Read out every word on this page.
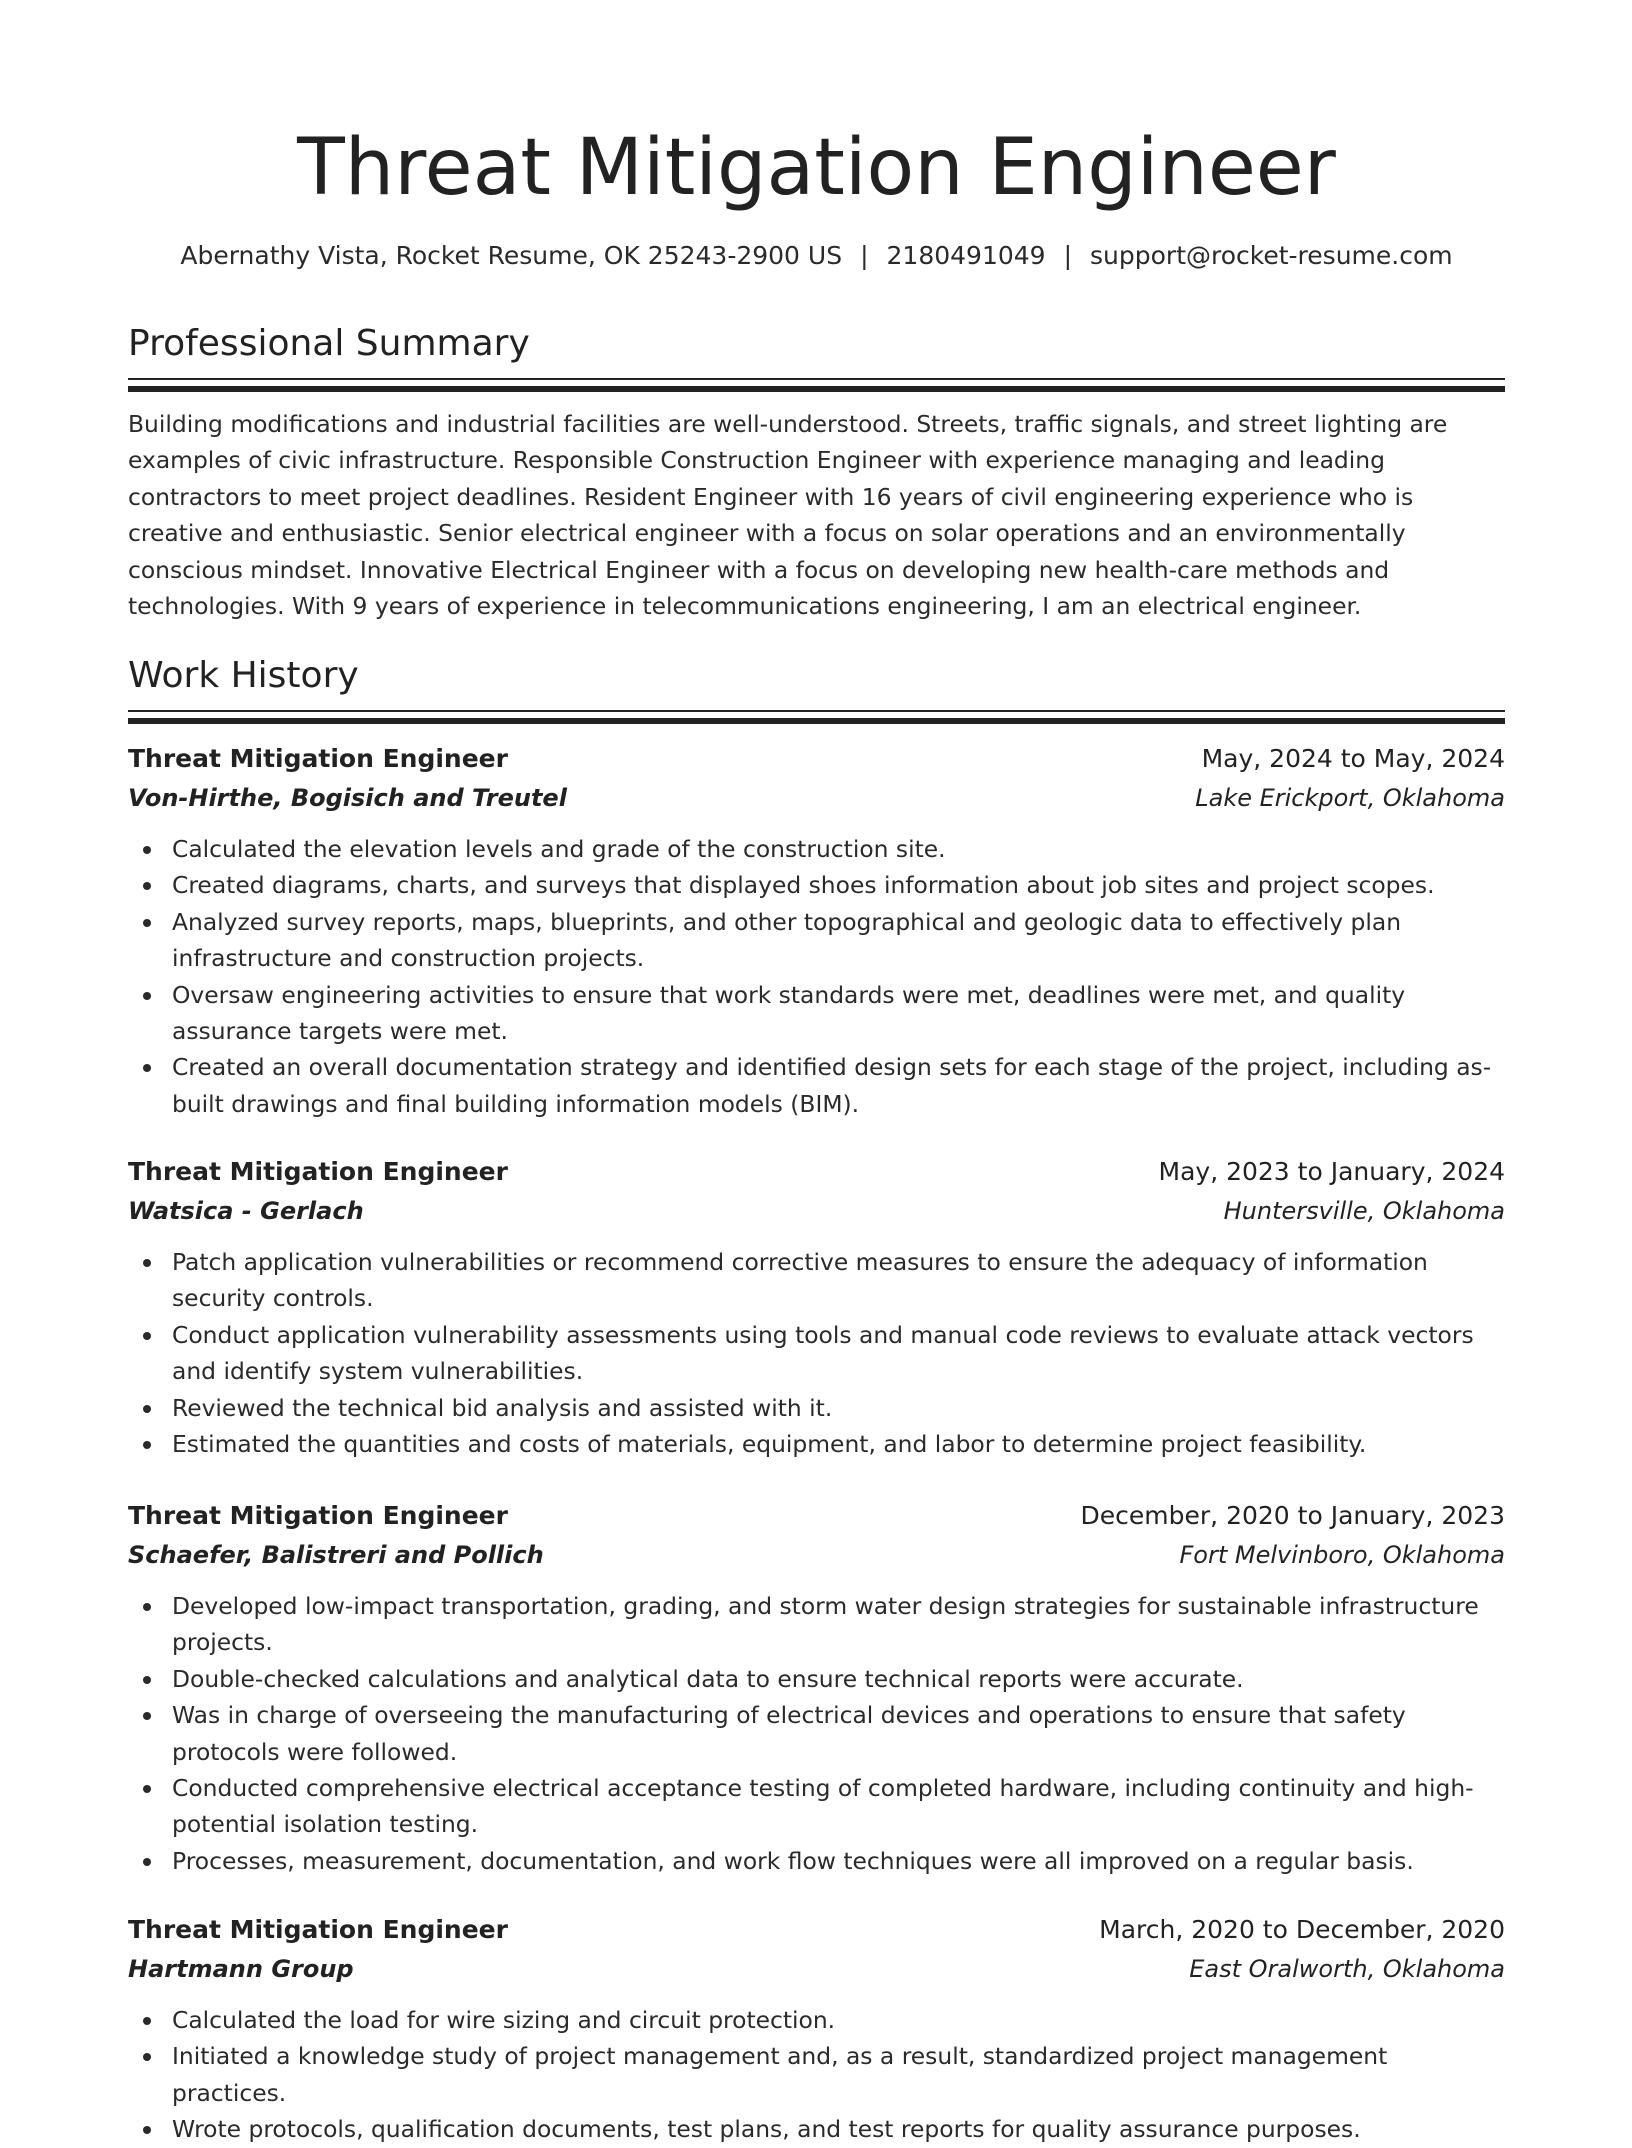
Threat Mitigation Engineer
Abernathy Vista, Rocket Resume, OK 25243-2900 US | 2180491049 | support@rocket-resume.com
Professional Summary
Building modifications and industrial facilities are well-understood. Streets, traffic signals, and street lighting are examples of civic infrastructure. Responsible Construction Engineer with experience managing and leading contractors to meet project deadlines. Resident Engineer with 16 years of civil engineering experience who is creative and enthusiastic. Senior electrical engineer with a focus on solar operations and an environmentally conscious mindset. Innovative Electrical Engineer with a focus on developing new health-care methods and technologies. With 9 years of experience in telecommunications engineering, I am an electrical engineer.
Work History
Threat Mitigation Engineer	May, 2024 to May, 2024
Von-Hirthe, Bogisich and Treutel	Lake Erickport, Oklahoma
Calculated the elevation levels and grade of the construction site.
Created diagrams, charts, and surveys that displayed shoes information about job sites and project scopes.
Analyzed survey reports, maps, blueprints, and other topographical and geologic data to effectively plan infrastructure and construction projects.
Oversaw engineering activities to ensure that work standards were met, deadlines were met, and quality assurance targets were met.
Created an overall documentation strategy and identified design sets for each stage of the project, including as-built drawings and final building information models (BIM).
Threat Mitigation Engineer	May, 2023 to January, 2024
Watsica - Gerlach	Huntersville, Oklahoma
Patch application vulnerabilities or recommend corrective measures to ensure the adequacy of information security controls.
Conduct application vulnerability assessments using tools and manual code reviews to evaluate attack vectors and identify system vulnerabilities.
Reviewed the technical bid analysis and assisted with it.
Estimated the quantities and costs of materials, equipment, and labor to determine project feasibility.
Threat Mitigation Engineer	December, 2020 to January, 2023
Schaefer, Balistreri and Pollich	Fort Melvinboro, Oklahoma
Developed low-impact transportation, grading, and storm water design strategies for sustainable infrastructure projects.
Double-checked calculations and analytical data to ensure technical reports were accurate.
Was in charge of overseeing the manufacturing of electrical devices and operations to ensure that safety protocols were followed.
Conducted comprehensive electrical acceptance testing of completed hardware, including continuity and high-potential isolation testing.
Processes, measurement, documentation, and work flow techniques were all improved on a regular basis.
Threat Mitigation Engineer	March, 2020 to December, 2020
Hartmann Group	East Oralworth, Oklahoma
Calculated the load for wire sizing and circuit protection.
Initiated a knowledge study of project management and, as a result, standardized project management practices.
Wrote protocols, qualification documents, test plans, and test reports for quality assurance purposes.
